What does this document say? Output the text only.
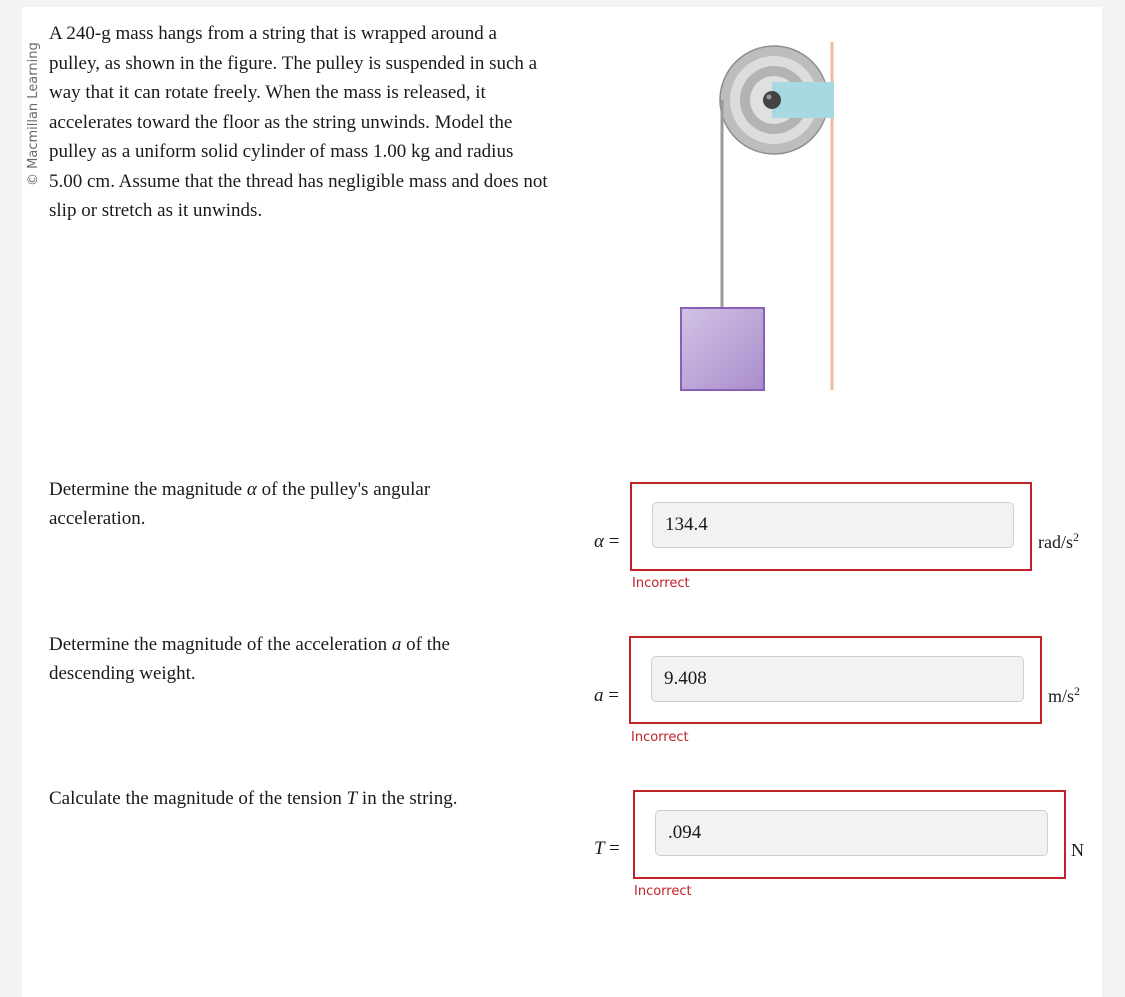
© Macmillan Learning
A 240-g mass hangs from a string that is wrapped around a pulley, as shown in the figure. The pulley is suspended in such a way that it can rotate freely. When the mass is released, it accelerates toward the floor as the string unwinds. Model the pulley as a uniform solid cylinder of mass 1.00 kg and radius 5.00 cm. Assume that the thread has negligible mass and does not slip or stretch as it unwinds.
Determine the magnitude α of the pulley's angular acceleration.
α =
134.4
rad/$s^2$
Incorrect
Determine the magnitude of the acceleration a of the descending weight.
a =
9.408
$m/s^2$
Incorrect
Calculate the magnitude of the tension T in the string.
T =
.094
N
Incorrect
